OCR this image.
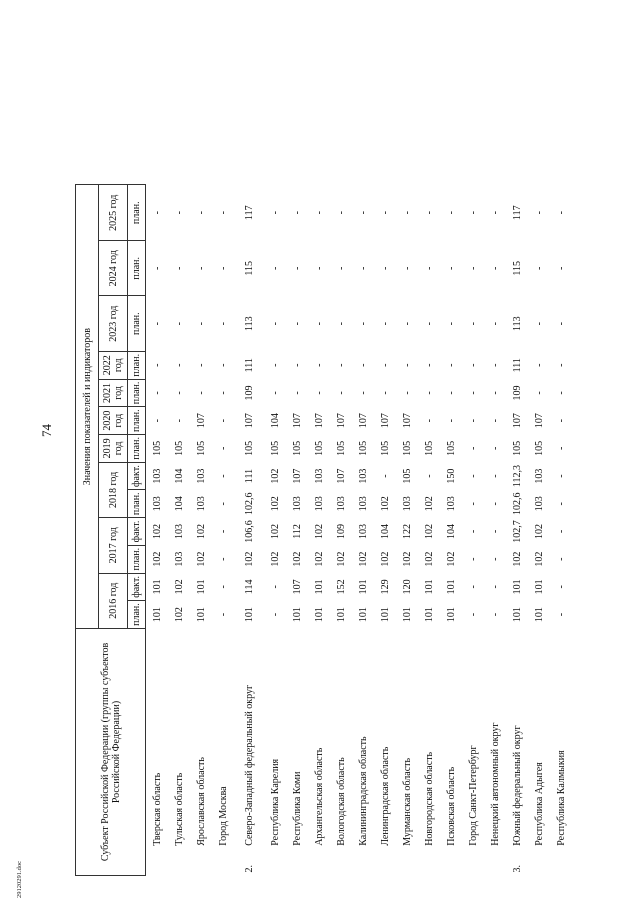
74
29120291.doc
Субъект Российской Федерации (группы субъектов Российской Федерации)		Значения показателей и индикаторов												
		2016 год		2017 год		2018 год		2019 год	2020 год	2021 год	2022 год	2023 год	2024 год	2025 год
		план.	факт.	план.	факт.	план.	факт.	план.	план.	план.	план.	план.	план.	план.
	Тверская область	101	101	102	102	103	103	105	-	-	-	-	-	-
	Тульская область	102	102	103	103	104	104	105	-	-	-	-	-	-
	Ярославская область	101	101	102	102	103	103	105	107	-	-	-	-	-
	Город Москва	-	-	-	-	-	-	-	-	-	-	-	-	-
2.	Северо-Западный федеральный округ	101	114	102	106,6	102,6	111	105	107	109	111	113	115	117
	Республика Карелия	-	-	102	102	102	102	105	104	-	-	-	-	-
	Республика Коми	101	107	102	112	103	107	105	107	-	-	-	-	-
	Архангельская область	101	101	102	102	103	103	105	107	-	-	-	-	-
	Вологодская область	101	152	102	109	103	107	105	107	-	-	-	-	-
	Калининградская область	101	101	102	103	103	103	105	107	-	-	-	-	-
	Ленинградская область	101	129	102	104	102	-	105	107	-	-	-	-	-
	Мурманская область	101	120	102	122	103	105	105	107	-	-	-	-	-
	Новгородская область	101	101	102	102	102	-	105	-	-	-	-	-	-
	Псковская область	101	101	102	104	103	150	105	-	-	-	-	-	-
	Город Санкт-Петербург	-	-	-	-	-	-	-	-	-	-	-	-	-
	Ненецкий автономный округ	-	-	-	-	-	-	-	-	-	-	-	-	-
3.	Южный федеральный округ	101	101	102	102,7	102,6	112,3	105	107	109	111	113	115	117
	Республика Адыгея	101	101	102	102	103	103	105	107	-	-	-	-	-
	Республика Калмыкия	-	-	-	-	-	-	-	-	-	-	-	-	-
